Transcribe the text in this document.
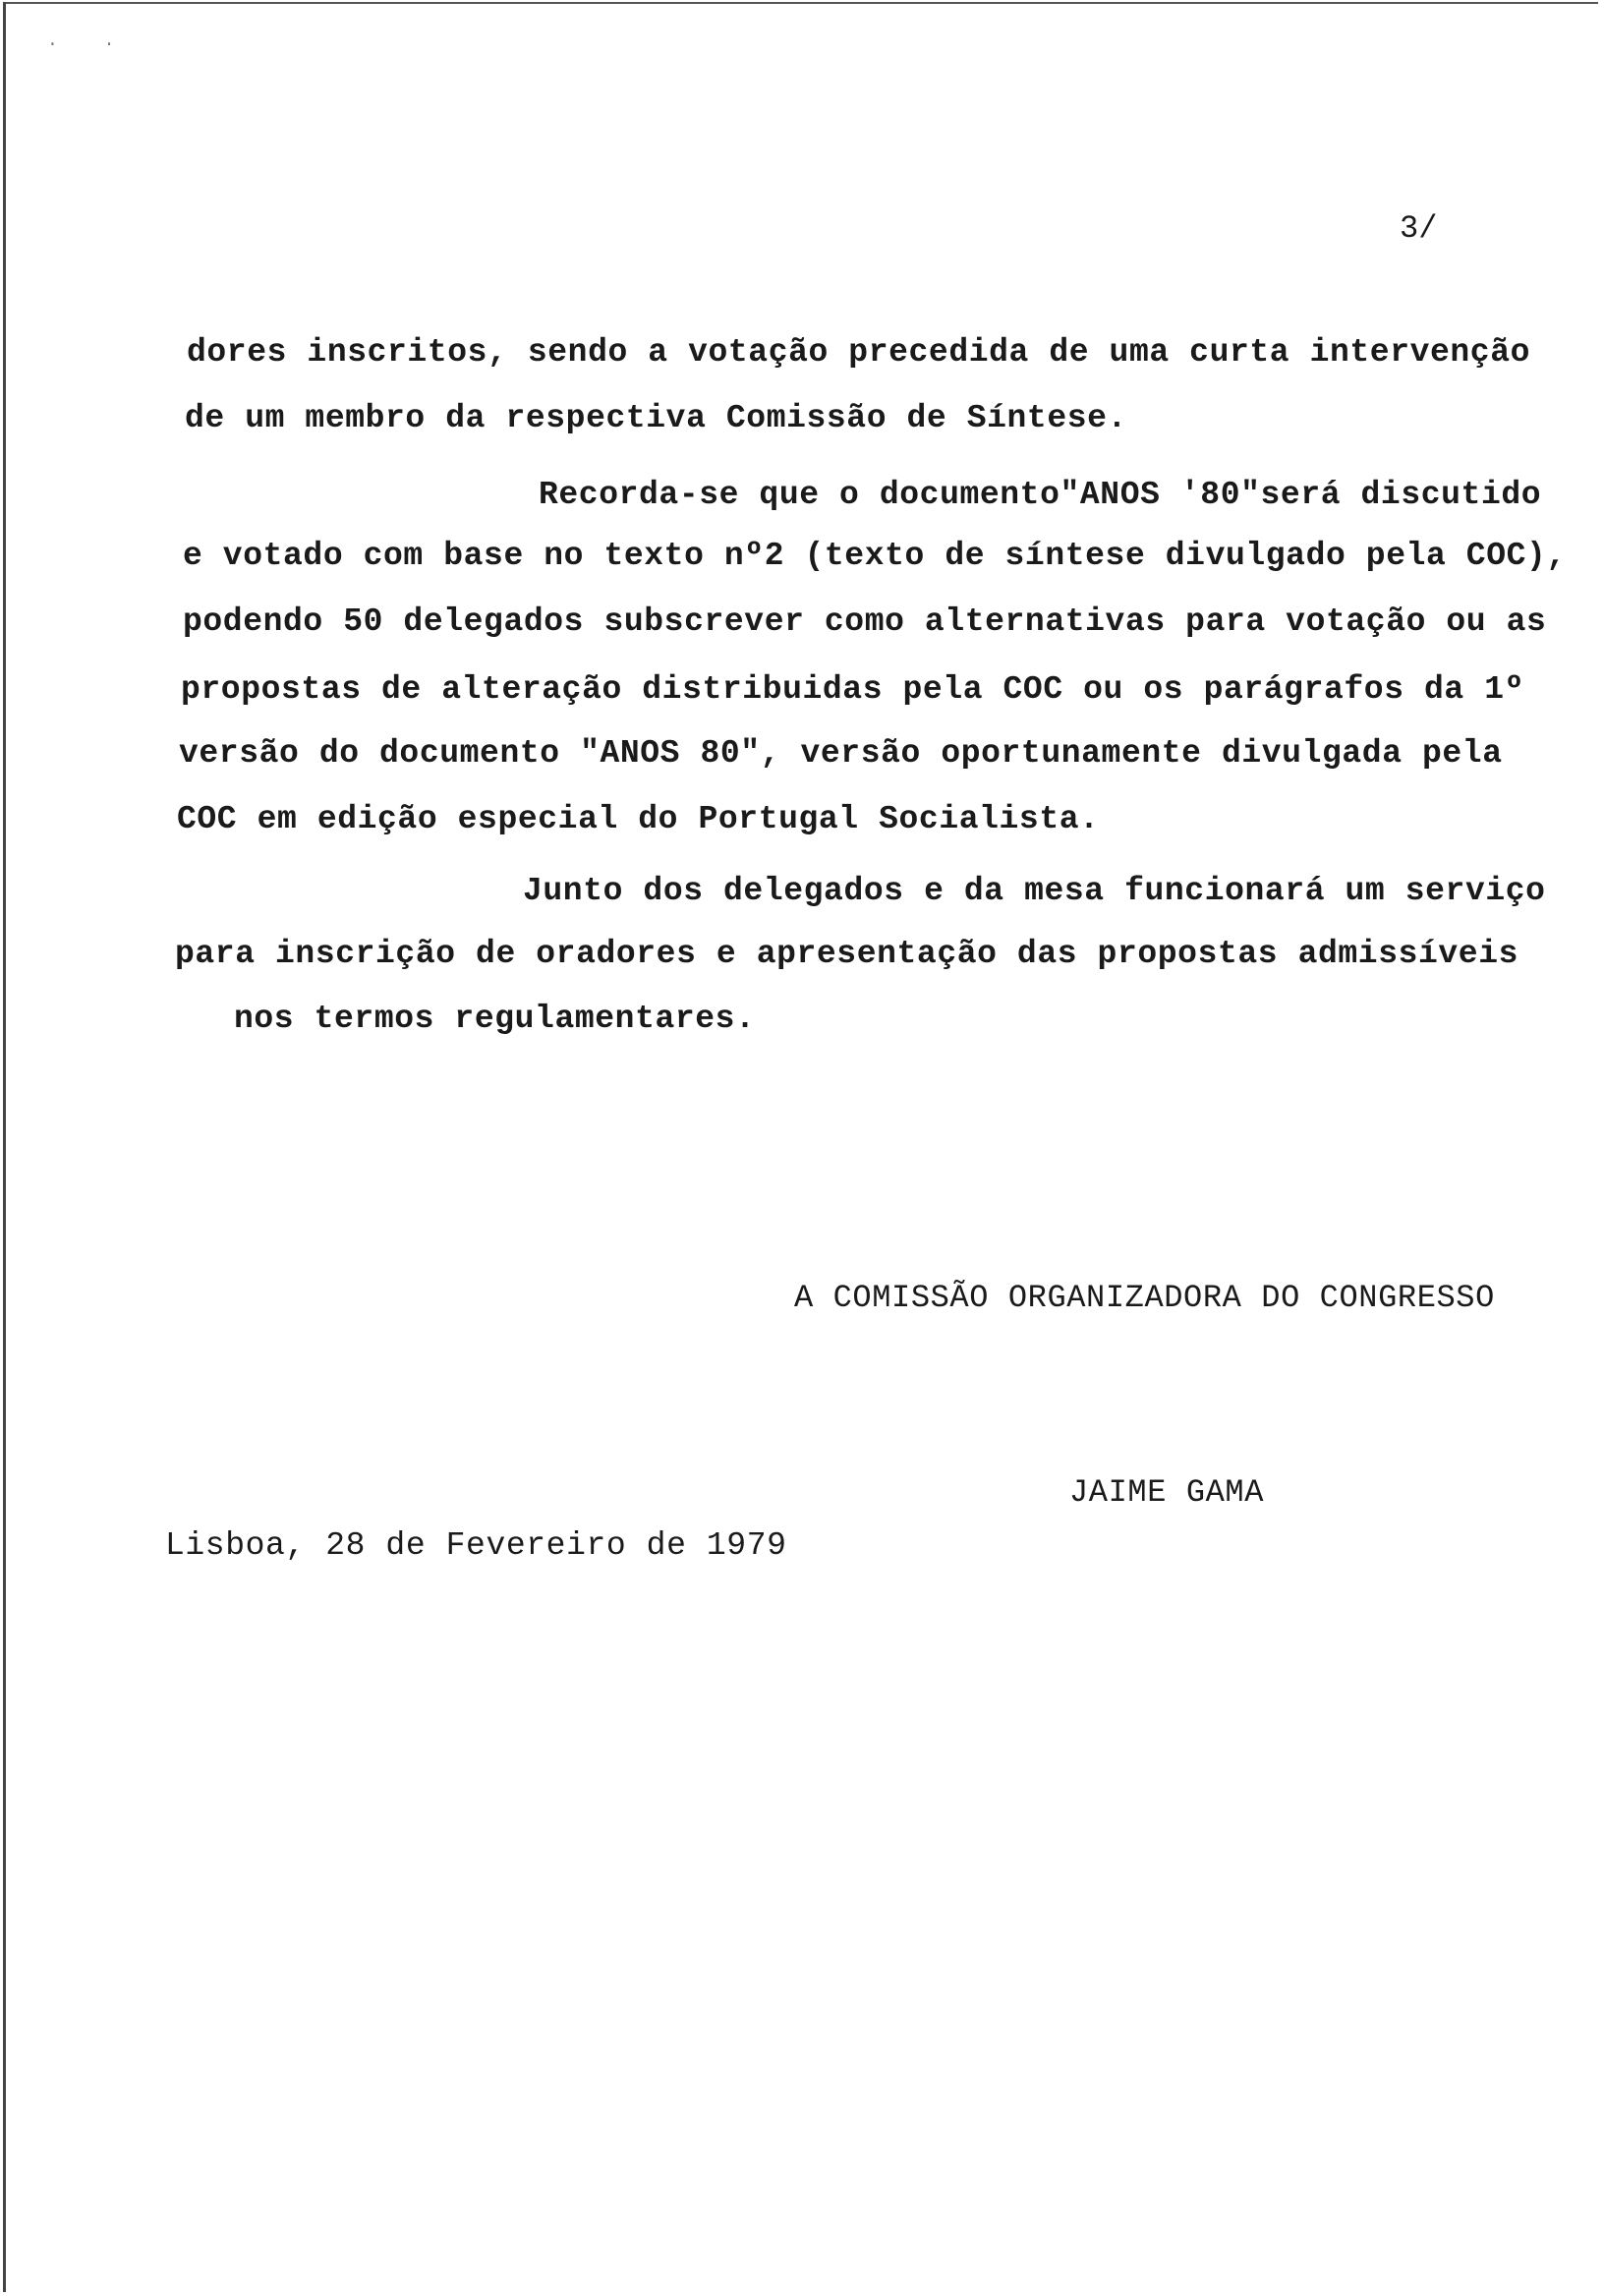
· ·
3/
dores inscritos, sendo a votação precedida de uma curta intervenção
de um membro da respectiva Comissão de Síntese.
Recorda-se que o documento"ANOS '80"será discutido
e votado com base no texto nº2 (texto de síntese divulgado pela COC),
podendo 50 delegados subscrever como alternativas para votação ou as
propostas de alteração distribuidas pela COC ou os parágrafos da 1º
versão do documento "ANOS 80", versão oportunamente divulgada pela
COC em edição especial do Portugal Socialista.
Junto dos delegados e da mesa funcionará um serviço
para inscrição de oradores e apresentação das propostas admissíveis
nos termos regulamentares.
A COMISSÃO ORGANIZADORA DO CONGRESSO
JAIME GAMA
Lisboa, 28 de Fevereiro de 1979
